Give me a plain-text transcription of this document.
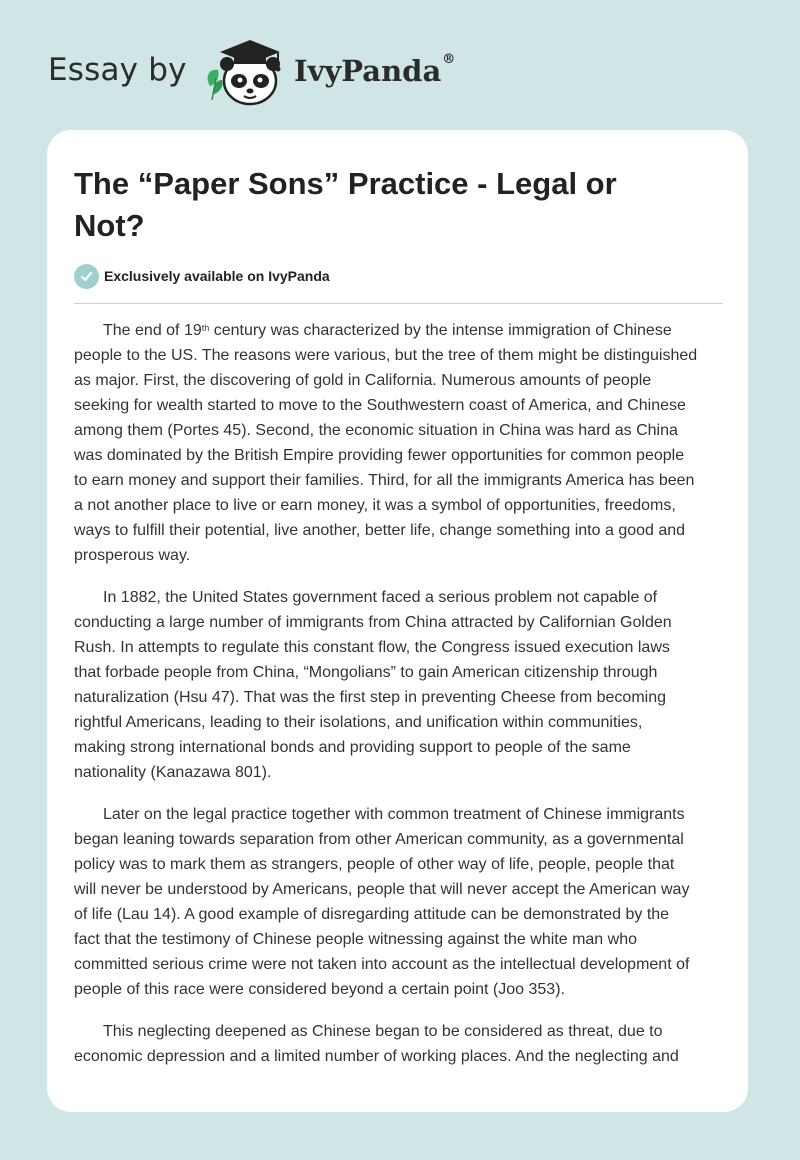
Essay by	IvyPanda®
The “Paper Sons” Practice - Legal or
Not?
Exclusively available on IvyPanda

The end of 19th century was characterized by the intense immigration of Chinese
people to the US. The reasons were various, but the tree of them might be distinguished
as major. First, the discovering of gold in California. Numerous amounts of people
seeking for wealth started to move to the Southwestern coast of America, and Chinese
among them (Portes 45). Second, the economic situation in China was hard as China
was dominated by the British Empire providing fewer opportunities for common people
to earn money and support their families. Third, for all the immigrants America has been
a not another place to live or earn money, it was a symbol of opportunities, freedoms,
ways to fulfill their potential, live another, better life, change something into a good and
prosperous way.

In 1882, the United States government faced a serious problem not capable of
conducting a large number of immigrants from China attracted by Californian Golden
Rush. In attempts to regulate this constant flow, the Congress issued execution laws
that forbade people from China, “Mongolians” to gain American citizenship through
naturalization (Hsu 47). That was the first step in preventing Cheese from becoming
rightful Americans, leading to their isolations, and unification within communities,
making strong international bonds and providing support to people of the same
nationality (Kanazawa 801).

Later on the legal practice together with common treatment of Chinese immigrants
began leaning towards separation from other American community, as a governmental
policy was to mark them as strangers, people of other way of life, people, people that
will never be understood by Americans, people that will never accept the American way
of life (Lau 14). A good example of disregarding attitude can be demonstrated by the
fact that the testimony of Chinese people witnessing against the white man who
committed serious crime were not taken into account as the intellectual development of
people of this race were considered beyond a certain point (Joo 353).

This neglecting deepened as Chinese began to be considered as threat, due to
economic depression and a limited number of working places. And the neglecting and
